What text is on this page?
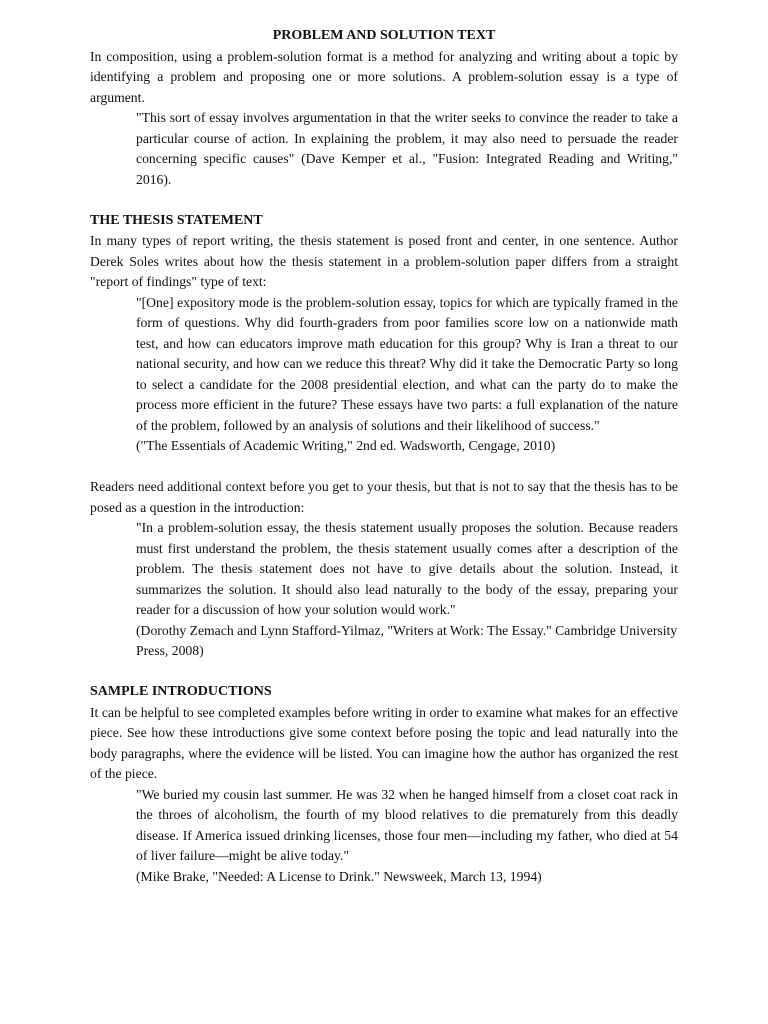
PROBLEM AND SOLUTION TEXT

In composition, using a problem-solution format is a method for analyzing and writing about a topic by identifying a problem and proposing one or more solutions. A problem-solution essay is a type of argument.

"This sort of essay involves argumentation in that the writer seeks to convince the reader to take a particular course of action. In explaining the problem, it may also need to persuade the reader concerning specific causes" (Dave Kemper et al., "Fusion: Integrated Reading and Writing," 2016).

THE THESIS STATEMENT

In many types of report writing, the thesis statement is posed front and center, in one sentence. Author Derek Soles writes about how the thesis statement in a problem-solution paper differs from a straight "report of findings" type of text:

"[One] expository mode is the problem-solution essay, topics for which are typically framed in the form of questions. Why did fourth-graders from poor families score low on a nationwide math test, and how can educators improve math education for this group? Why is Iran a threat to our national security, and how can we reduce this threat? Why did it take the Democratic Party so long to select a candidate for the 2008 presidential election, and what can the party do to make the process more efficient in the future? These essays have two parts: a full explanation of the nature of the problem, followed by an analysis of solutions and their likelihood of success."

("The Essentials of Academic Writing," 2nd ed. Wadsworth, Cengage, 2010)

Readers need additional context before you get to your thesis, but that is not to say that the thesis has to be posed as a question in the introduction:

"In a problem-solution essay, the thesis statement usually proposes the solution. Because readers must first understand the problem, the thesis statement usually comes after a description of the problem. The thesis statement does not have to give details about the solution. Instead, it summarizes the solution. It should also lead naturally to the body of the essay, preparing your reader for a discussion of how your solution would work."

(Dorothy Zemach and Lynn Stafford-Yilmaz, "Writers at Work: The Essay." Cambridge University Press, 2008)

SAMPLE INTRODUCTIONS

It can be helpful to see completed examples before writing in order to examine what makes for an effective piece. See how these introductions give some context before posing the topic and lead naturally into the body paragraphs, where the evidence will be listed. You can imagine how the author has organized the rest of the piece.

"We buried my cousin last summer. He was 32 when he hanged himself from a closet coat rack in the throes of alcoholism, the fourth of my blood relatives to die prematurely from this deadly disease. If America issued drinking licenses, those four men—including my father, who died at 54 of liver failure—might be alive today."

(Mike Brake, "Needed: A License to Drink." Newsweek, March 13, 1994)
